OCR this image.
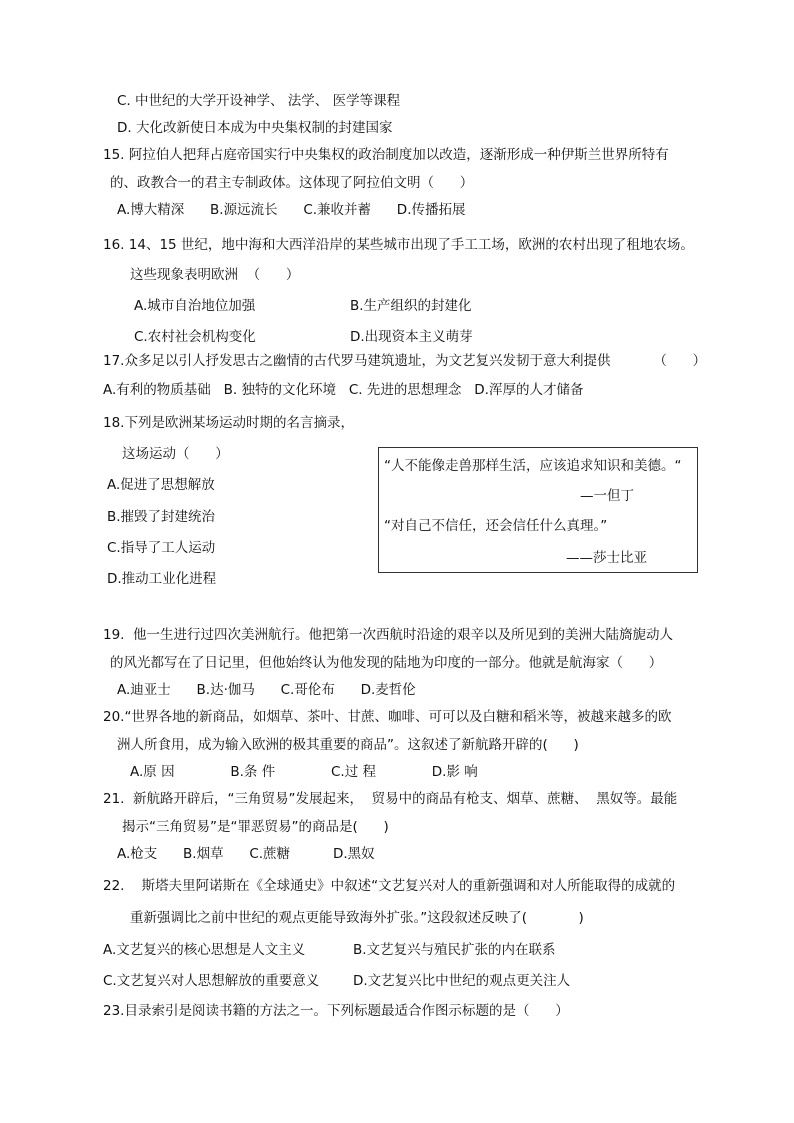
C. 中世纪的大学开设神学、 法学、 医学等课程
D. 大化改新使日本成为中央集权制的封建国家
15. 阿拉伯人把拜占庭帝国实行中央集权的政治制度加以改造，逐渐形成一种伊斯兰世界所特有
的、政教合一的君主专制政体。这体现了阿拉伯文明（      ）
A.博大精深      B.源远流长      C.兼收并蓄      D.传播拓展
16. 14、15 世纪，地中海和大西洋沿岸的某些城市出现了手工工场，欧洲的农村出现了租地农场。
这些现象表明欧洲  （      ）
A.城市自治地位加强	B.生产组织的封建化
C.农村社会机构变化	D.出现资本主义萌芽
17.众多足以引人抒发思古之幽情的古代罗马建筑遗址，为文艺复兴发韧于意大利提供          （      ）
A.有利的物质基础   B. 独特的文化环境   C. 先进的思想理念   D.浑厚的人才储备
18.下列是欧洲某场运动时期的名言摘录，
这场运动（      ）
A.促进了思想解放
B.摧毁了封建统治
C.指导了工人运动
D.推动工业化进程
“人不能像走兽那样生活，应该追求知识和美德。“
—一但丁
“对自己不信任，还会信任什么真理。”
——莎士比亚
19.  他一生进行过四次美洲航行。他把第一次西航时沿途的艰辛以及所见到的美洲大陆旖旎动人
的风光都写在了日记里，但他始终认为他发现的陆地为印度的一部分。他就是航海家（      ）
A.迪亚士      B.达·伽马      C.哥伦布      D.麦哲伦
20.“世界各地的新商品，如烟草、茶叶、甘蔗、咖啡、可可以及白糖和稻米等，被越来越多的欧
洲人所食用，成为输入欧洲的极其重要的商品”。这叙述了新航路开辟的(      )
A.原 因             B.条 件             C.过 程             D.影 响
21.  新航路开辟后，“三角贸易”发展起来，  贸易中的商品有枪支、烟草、蔗糖、  黑奴等。最能
揭示“三角贸易”是“罪恶贸易”的商品是(      )
A.枪支      B.烟草      C.蔗糖          D.黑奴
22.    斯塔夫里阿诺斯在《全球通史》中叙述“文艺复兴对人的重新强调和对人所能取得的成就的
重新强调比之前中世纪的观点更能导致海外扩张。”这段叙述反映了(            )
A.文艺复兴的核心思想是人文主义	B.文艺复兴与殖民扩张的内在联系
C.文艺复兴对人思想解放的重要意义	D.文艺复兴比中世纪的观点更关注人
23.目录索引是阅读书籍的方法之一。下列标题最适合作图示标题的是（      ）
